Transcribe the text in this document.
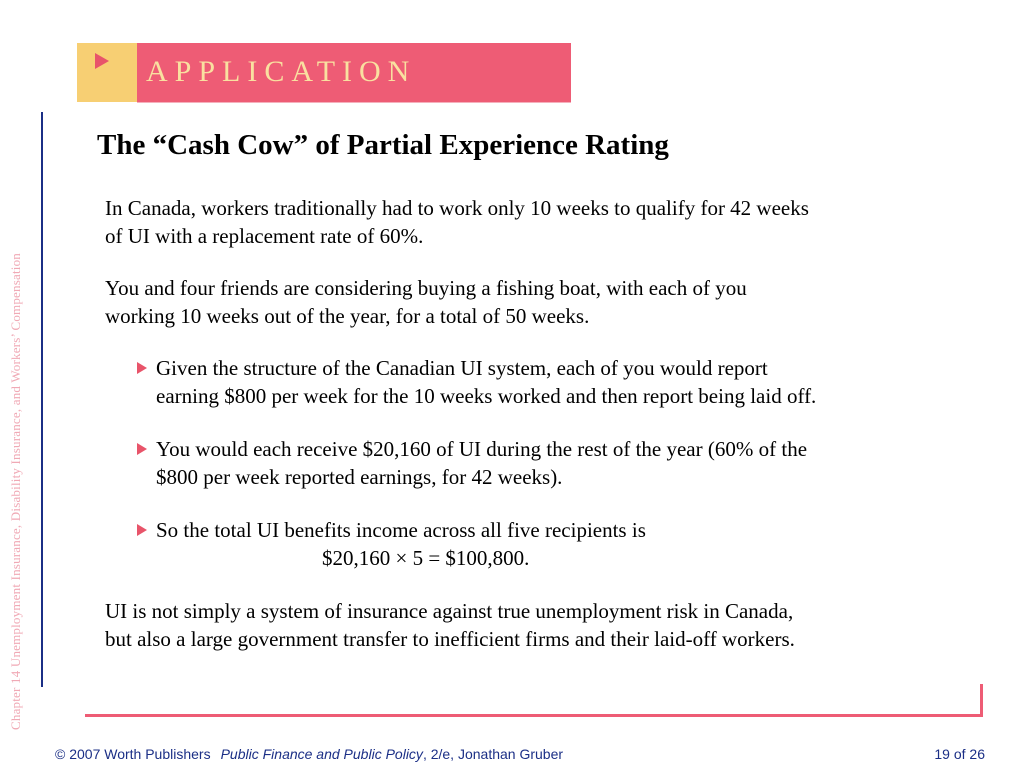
Chapter 14 Unemployment Insurance, Disability Insurance, and Workers’ Compensation
APPLICATION
The “Cash Cow” of Partial Experience Rating
In Canada, workers traditionally had to work only 10 weeks to qualify for 42 weeks
of UI with a replacement rate of 60%.
You and four friends are considering buying a fishing boat, with each of you
working 10 weeks out of the year, for a total of 50 weeks.
Given the structure of the Canadian UI system, each of you would report
earning $800 per week for the 10 weeks worked and then report being laid off.
You would each receive $20,160 of UI during the rest of the year (60% of the
$800 per week reported earnings, for 42 weeks).
So the total UI benefits income across all five recipients is
$20,160 × 5 = $100,800.
UI is not simply a system of insurance against true unemployment risk in Canada,
but also a large government transfer to inefficient firms and their laid-off workers.
© 2007 Worth Publishers Public Finance and Public Policy, 2/e, Jonathan Gruber	19 of 26
